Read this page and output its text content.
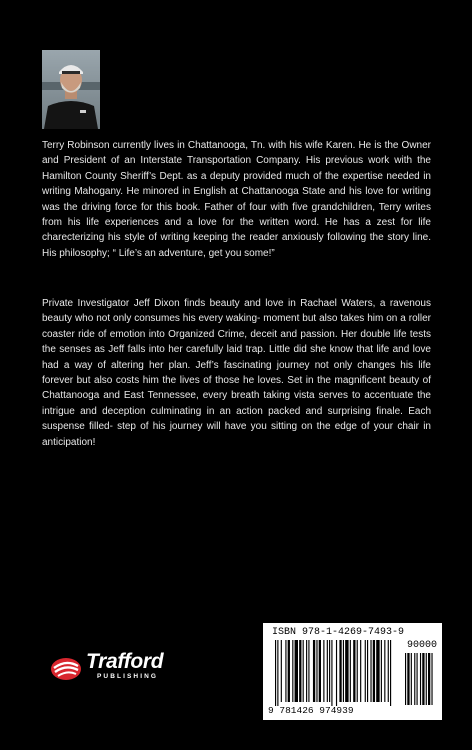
Terry Robinson currently lives in Chattanooga, Tn. with his wife Karen. He is the Owner and President of an Interstate Transportation Company. His previous work with the Hamilton County Sheriff’s Dept. as a deputy provided much of the expertise needed in writing Mahogany. He minored in English at Chattanooga State and his love for writing was the driving force for this book. Father of four with five grandchildren, Terry writes from his life experiences and a love for the written word. He has a zest for life charecterizing his style of writing keeping the reader anxiously following the story line. His philosophy; “ Life’s an adventure, get you some!”

Private Investigator Jeff Dixon finds beauty and love in Rachael Waters, a ravenous beauty who not only consumes his every waking- moment but also takes him on a roller coaster ride of emotion into Organized Crime, deceit and passion. Her double life tests the senses as Jeff falls into her carefully laid trap. Little did she know that life and love had a way of altering her plan. Jeff’s fascinating journey not only changes his life forever but also costs him the lives of those he loves. Set in the magnificent beauty of Chattanooga and East Tennessee, every breath taking vista serves to accentuate the intrigue and deception culminating in an action packed and surprising finale. Each suspense filled- step of his journey will have you sitting on the edge of your chair in anticipation!

Trafford
PUBLISHING
ISBN 978-1-4269-7493-9
90000
9 781426 974939
